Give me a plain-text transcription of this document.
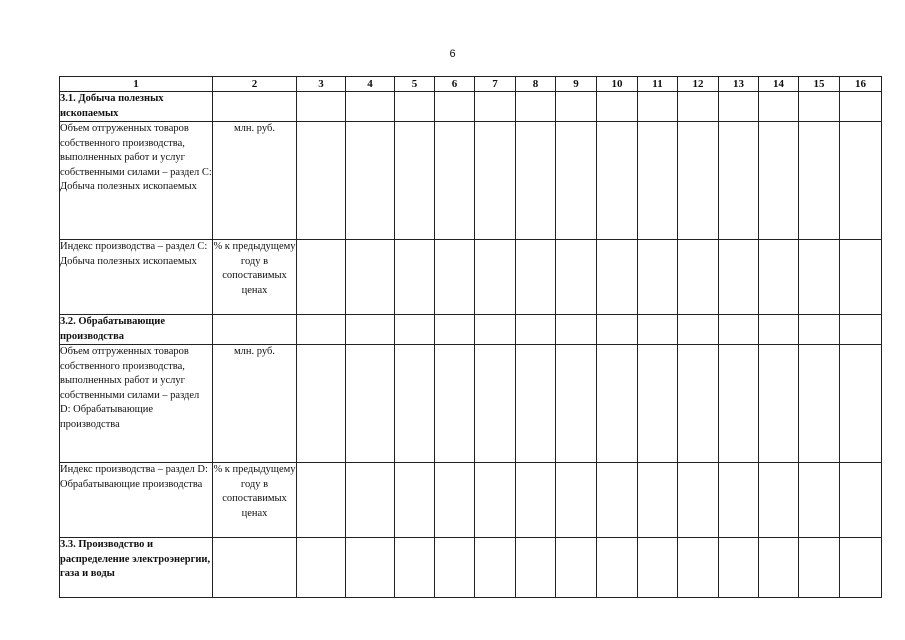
6
1	2	3	4	5	6	7	8	9	10	11	12	13	14	15	16
3.1. Добыча полезных ископаемых															
Объем отгруженных товаров собственного производства, выполненных работ и услуг собственными силами – раздел C: Добыча полезных ископаемых	млн. руб.														
Индекс производства – раздел C: Добыча полезных ископаемых	% к предыдущему году в сопоставимых ценах														
3.2. Обрабатывающие производства															
Объем отгруженных товаров собственного производства, выполненных работ и услуг собственными силами – раздел D: Обрабатывающие производства	млн. руб.														
Индекс производства – раздел D: Обрабатывающие производства	% к предыдущему году в сопоставимых ценах														
3.3. Производство и распределение электроэнергии, газа и воды															
